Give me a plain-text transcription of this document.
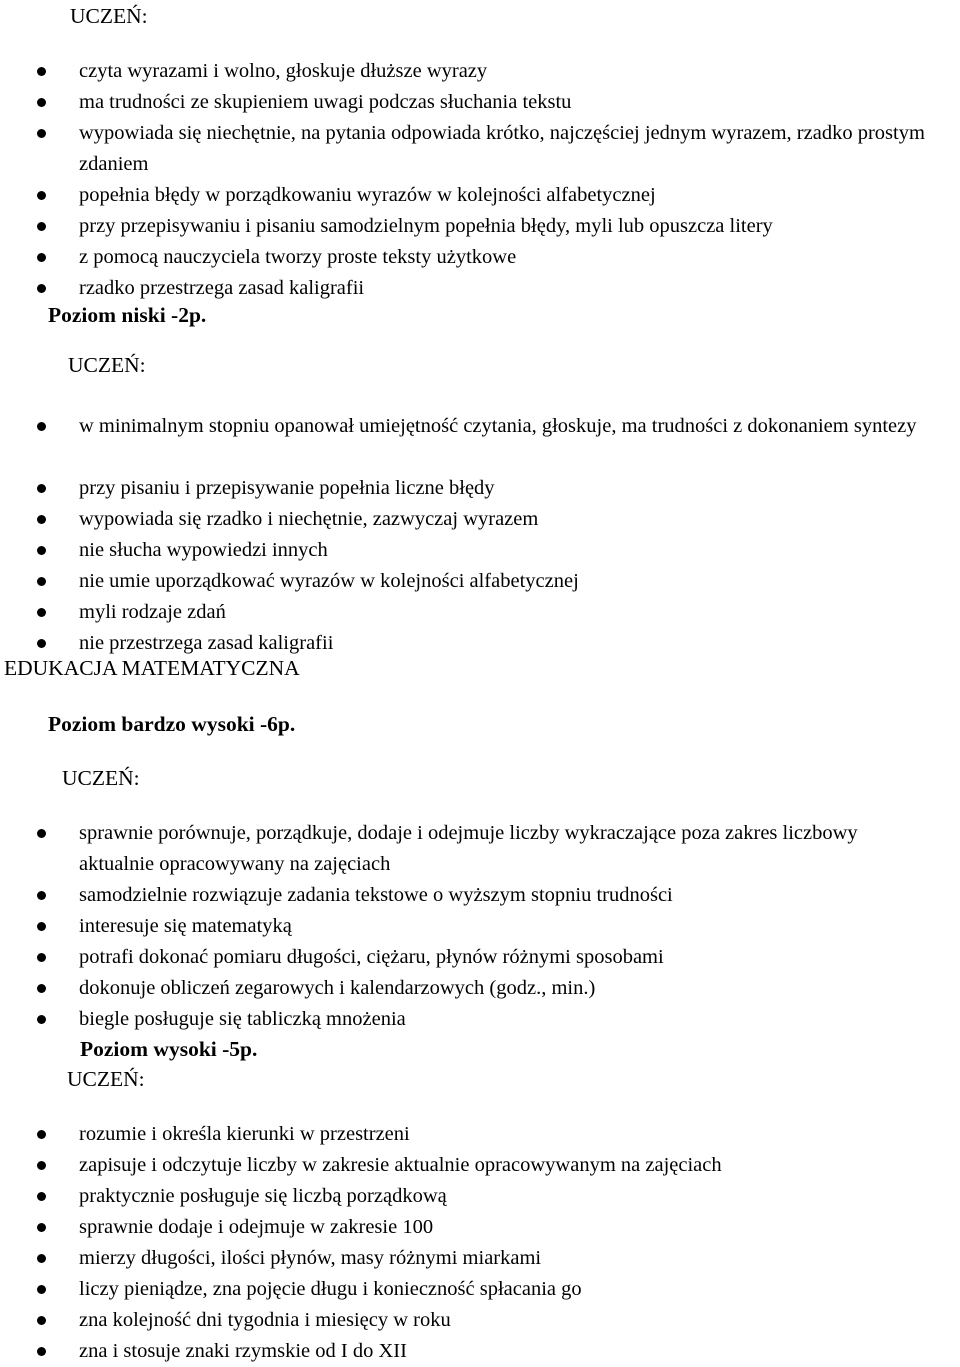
UCZEŃ:
czyta wyrazami i wolno, głoskuje dłuższe wyrazy
ma trudności ze skupieniem uwagi podczas słuchania tekstu
wypowiada się niechętnie, na pytania odpowiada krótko, najczęściej jednym wyrazem, rzadko prostym zdaniem
popełnia błędy w porządkowaniu wyrazów w kolejności alfabetycznej
przy przepisywaniu i pisaniu samodzielnym popełnia błędy, myli lub opuszcza litery
z pomocą nauczyciela tworzy proste teksty użytkowe
rzadko przestrzega zasad kaligrafii
Poziom niski -2p.
UCZEŃ:
w minimalnym stopniu opanował umiejętność czytania, głoskuje, ma trudności z dokonaniem syntezy
przy pisaniu i przepisywanie popełnia liczne błędy
wypowiada się rzadko i niechętnie, zazwyczaj wyrazem
nie słucha wypowiedzi innych
nie umie uporządkować wyrazów w kolejności alfabetycznej
myli rodzaje zdań
nie przestrzega zasad kaligrafii
EDUKACJA MATEMATYCZNA
Poziom bardzo wysoki -6p.
UCZEŃ:
sprawnie porównuje, porządkuje, dodaje i odejmuje liczby wykraczające poza zakres liczbowy aktualnie opracowywany na zajęciach
samodzielnie rozwiązuje zadania tekstowe o wyższym stopniu trudności
interesuje się matematyką
potrafi dokonać pomiaru długości, ciężaru, płynów różnymi sposobami
dokonuje obliczeń zegarowych i kalendarzowych (godz., min.)
biegle posługuje się tabliczką mnożenia
Poziom wysoki -5p.
UCZEŃ:
rozumie i określa kierunki w przestrzeni
zapisuje i odczytuje liczby w zakresie aktualnie opracowywanym na zajęciach
praktycznie posługuje się liczbą porządkową
sprawnie dodaje i odejmuje w zakresie 100
mierzy długości, ilości płynów, masy różnymi miarkami
liczy pieniądze, zna pojęcie długu i konieczność spłacania go
zna kolejność dni tygodnia i miesięcy w roku
zna i stosuje znaki rzymskie od I do XII
